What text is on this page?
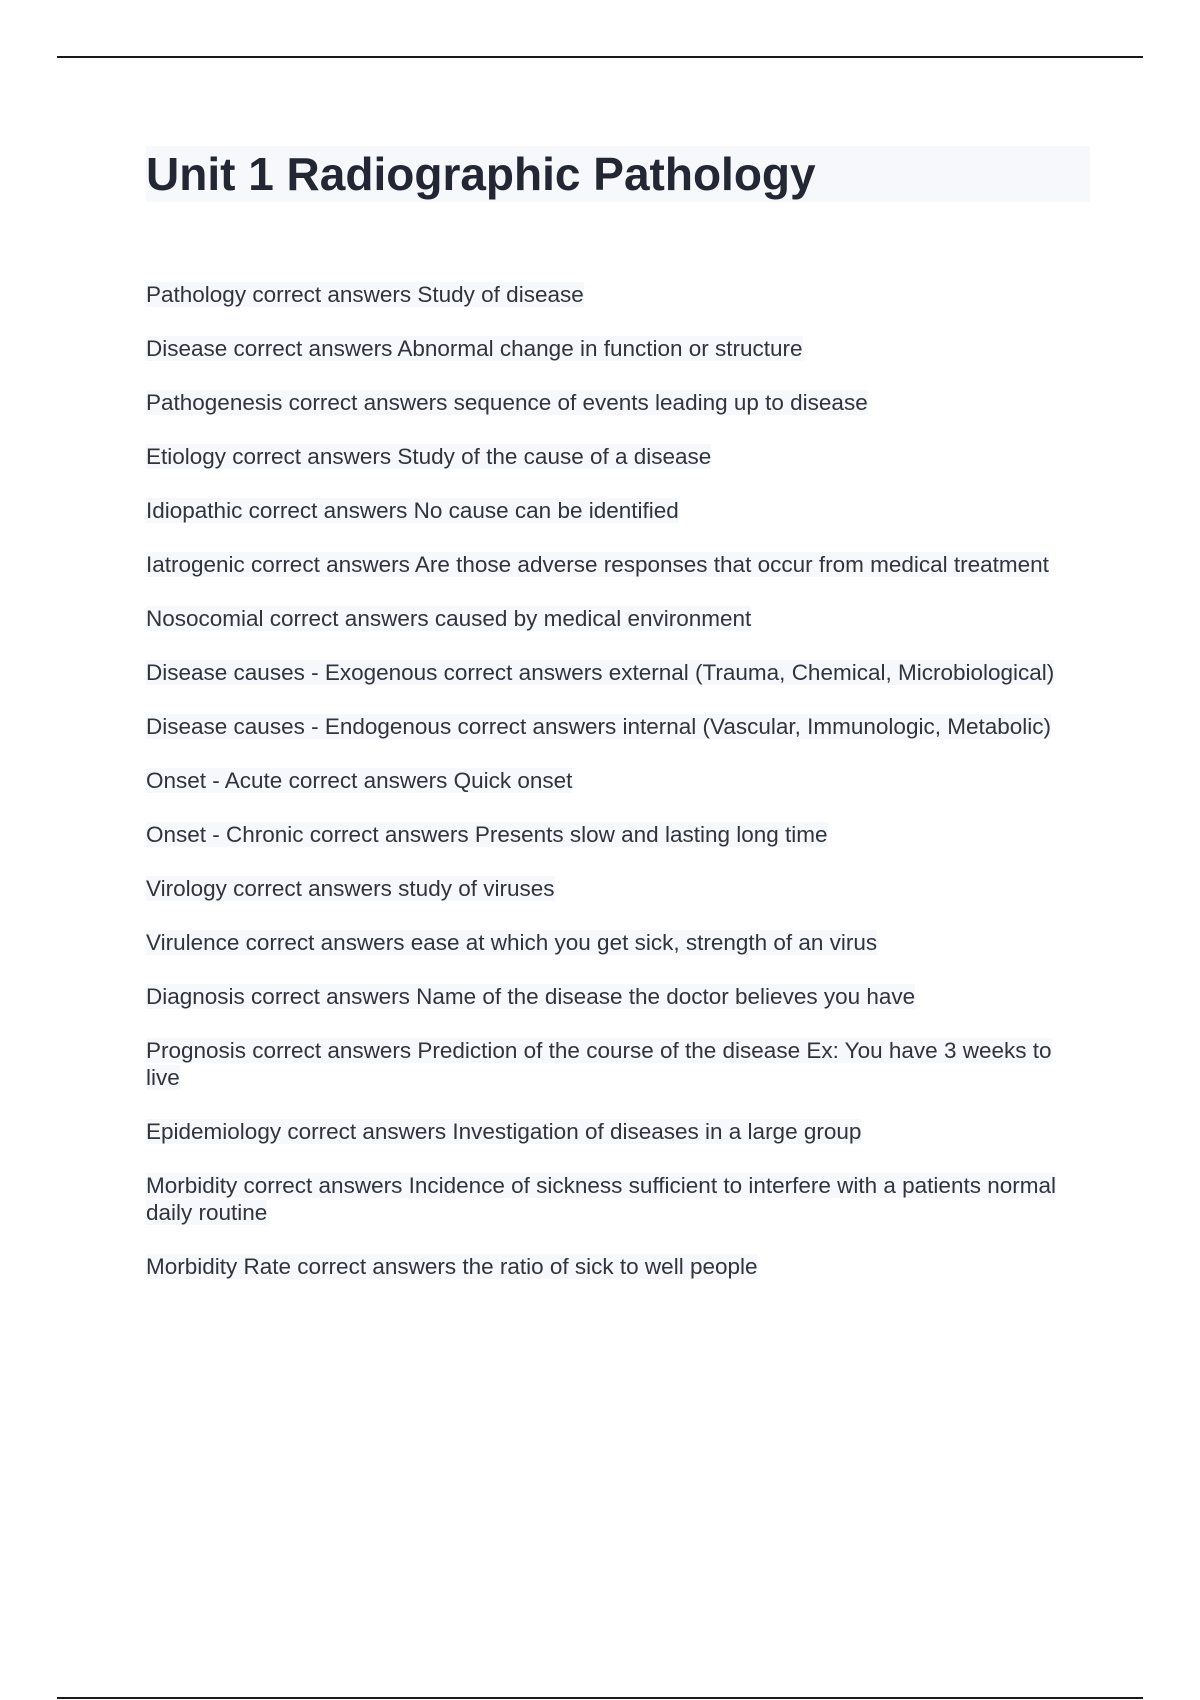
Unit 1 Radiographic Pathology

Pathology correct answers Study of disease

Disease correct answers Abnormal change in function or structure

Pathogenesis correct answers sequence of events leading up to disease

Etiology correct answers Study of the cause of a disease

Idiopathic correct answers No cause can be identified

Iatrogenic correct answers Are those adverse responses that occur from medical treatment

Nosocomial correct answers caused by medical environment

Disease causes - Exogenous correct answers external (Trauma, Chemical, Microbiological)

Disease causes - Endogenous correct answers internal (Vascular, Immunologic, Metabolic)

Onset - Acute correct answers Quick onset

Onset - Chronic correct answers Presents slow and lasting long time

Virology correct answers study of viruses

Virulence correct answers ease at which you get sick, strength of an virus

Diagnosis correct answers Name of the disease the doctor believes you have

Prognosis correct answers Prediction of the course of the disease Ex: You have 3 weeks to live

Epidemiology correct answers Investigation of diseases in a large group

Morbidity correct answers Incidence of sickness sufficient to interfere with a patients normal daily routine

Morbidity Rate correct answers the ratio of sick to well people
